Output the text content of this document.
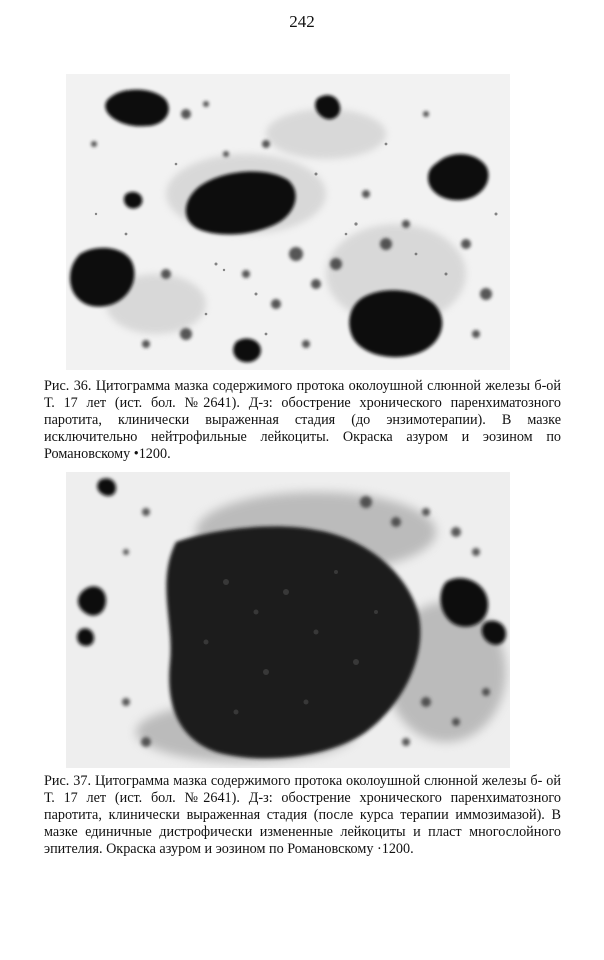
242

Рис. 36. Цитограмма мазка содержимого протока околоушной слюнной железы б-ой Т. 17 лет (ист. бол. №2641). Д-з: обострение хронического паренхиматозного паротита, клинически выраженная стадия (до энзимотерапии). В мазке исключительно нейтрофильные лейкоциты. Окраска азуром и эозином по Романовскому •1200.

Рис. 37. Цитограмма мазка содержимого протока околоушной слюнной железы б- ой Т. 17 лет (ист. бол. №2641). Д-з: обострение хронического паренхиматозного паротита, клинически выраженная стадия (после курса терапии иммозимазой). В мазке единичные дистрофически измененные лейкоциты и пласт многослойного эпителия. Окраска азуром и эозином по Романовскому ·1200.
